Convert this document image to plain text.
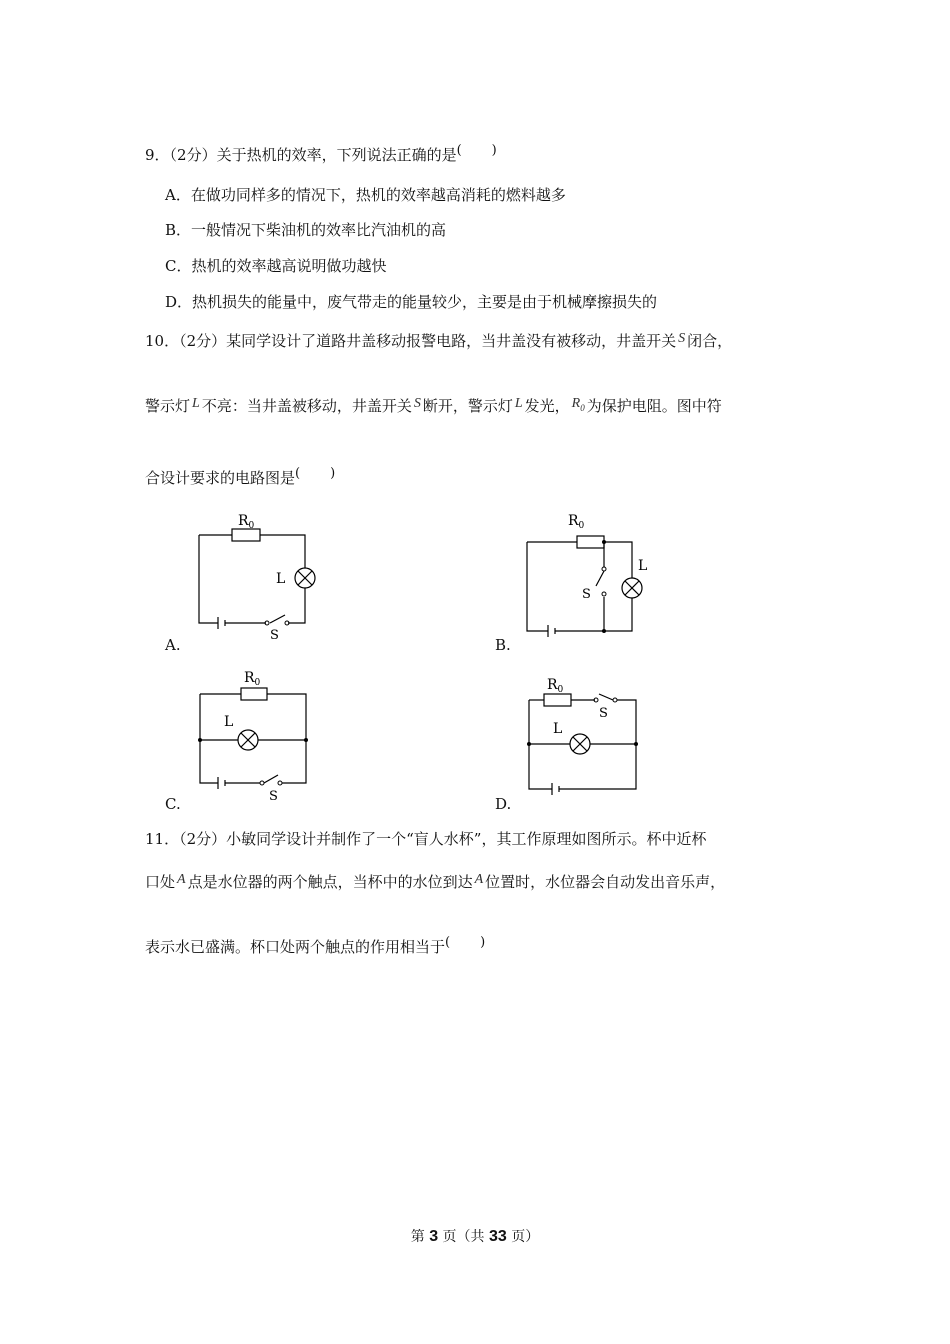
9．（2分）关于热机的效率，下列说法正确的是( )
A．在做功同样多的情况下，热机的效率越高消耗的燃料越多
B．一般情况下柴油机的效率比汽油机的高
C．热机的效率越高说明做功越快
D．热机损失的能量中，废气带走的能量较少，主要是由于机械摩擦损失的
10．（2分）某同学设计了道路井盖移动报警电路，当井盖没有被移动，井盖开关 S 闭合，
警示灯 L 不亮：当井盖被移动，井盖开关 S 断开，警示灯 L 发光， $R_0$ 为保护电阻。图中符
合设计要求的电路图是( )
$R_0$
L
S
A.
$R_0$
L
S
B.
$R_0$
L
S
C.
$R_0$
L
S
D.
11．（2分）小敏同学设计并制作了一个“盲人水杯”，其工作原理如图所示。杯中近杯
口处 A 点是水位器的两个触点，当杯中的水位到达 A 位置时，水位器会自动发出音乐声，
表示水已盛满。杯口处两个触点的作用相当于( )
第 3 页（共 33 页）
